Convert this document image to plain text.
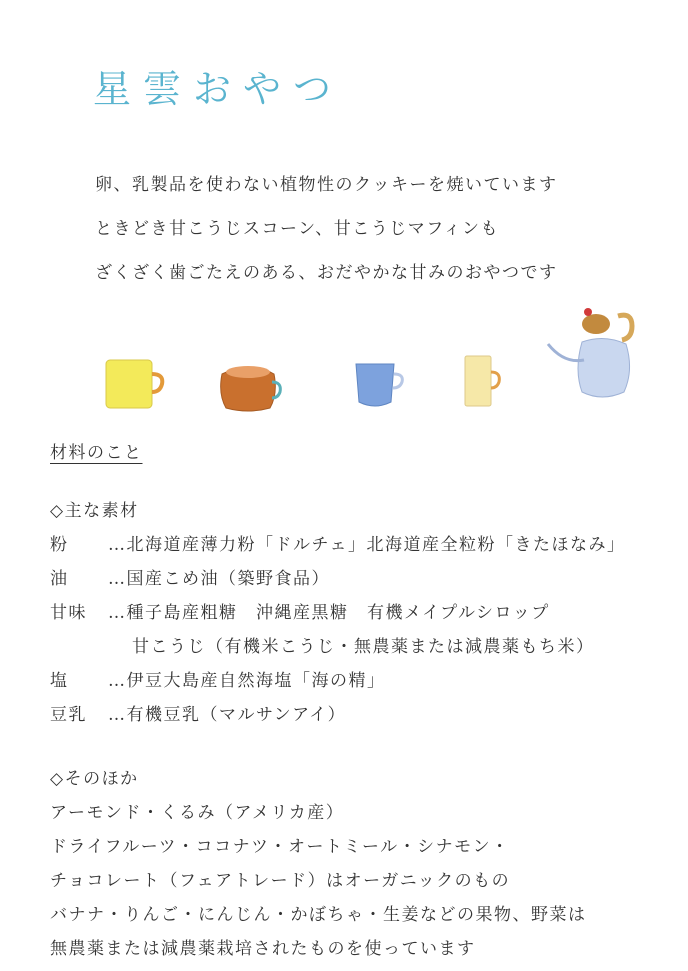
星雲おやつ
卵、乳製品を使わない植物性のクッキーを焼いています
ときどき甘こうじスコーン、甘こうじマフィンも
ざくざく歯ごたえのある、おだやかな甘みのおやつです
材料のこと
◇主な素材
粉 …北海道産薄力粉「ドルチェ」北海道産全粒粉「きたほなみ」
油 …国産こめ油（築野食品）
甘味 …種子島産粗糖　沖縄産黒糖　有機メイプルシロップ
甘こうじ（有機米こうじ・無農薬または減農薬もち米）
塩 …伊豆大島産自然海塩「海の精」
豆乳 …有機豆乳（マルサンアイ）
◇そのほか
アーモンド・くるみ（アメリカ産）
ドライフルーツ・ココナツ・オートミール・シナモン・
チョコレート（フェアトレード）はオーガニックのもの
バナナ・りんご・にんじん・かぼちゃ・生姜などの果物、野菜は
無農薬または減農薬栽培されたものを使っています
